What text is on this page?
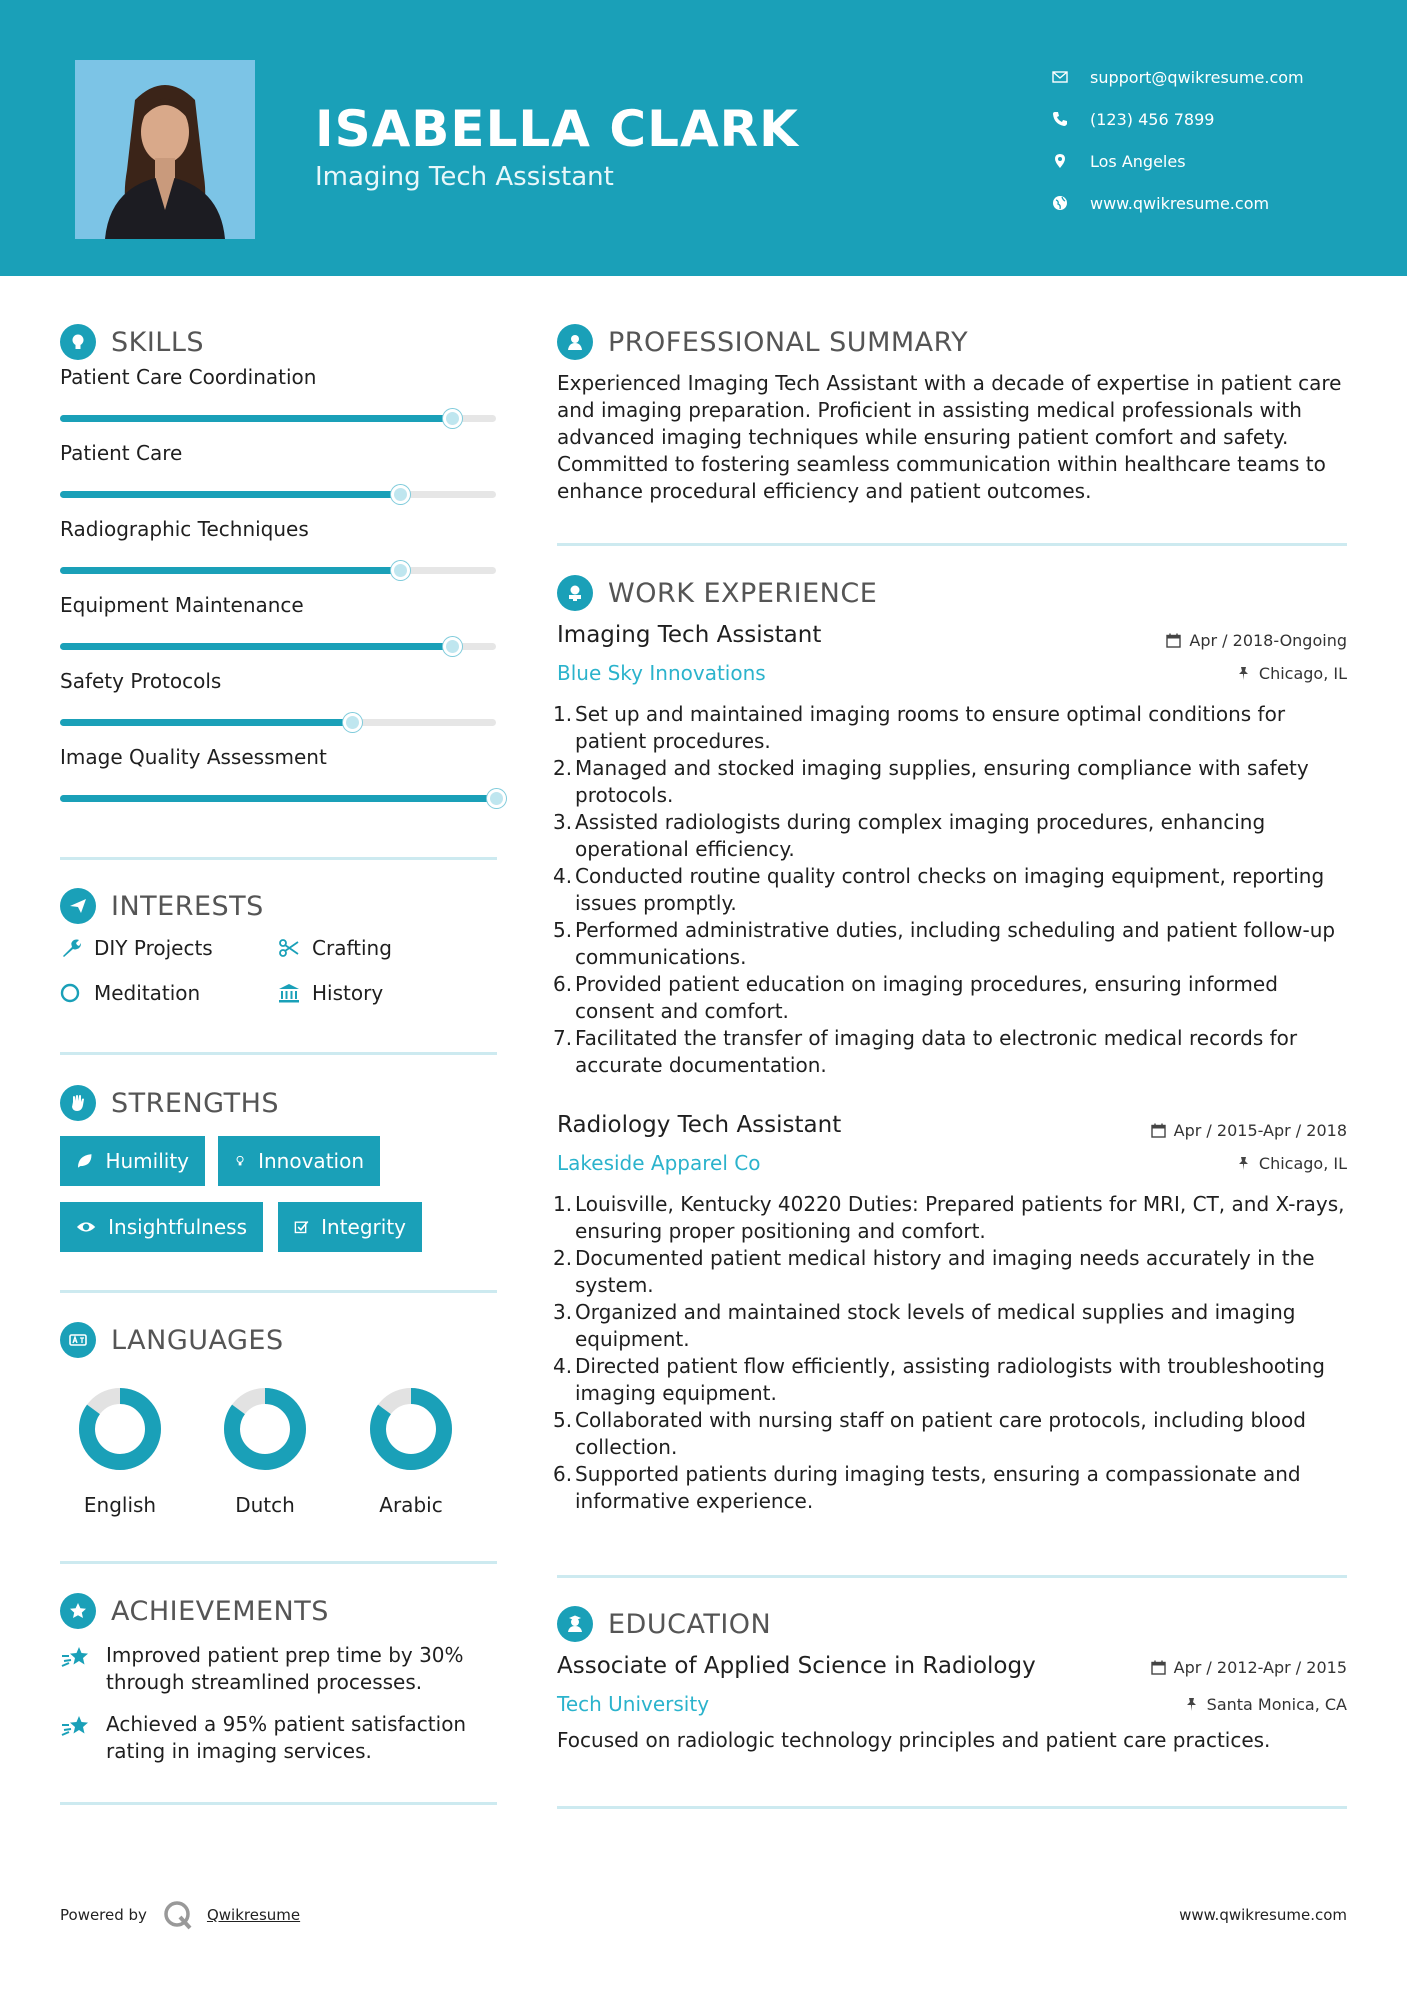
ISABELLA CLARK
Imaging Tech Assistant
support@qwikresume.com
(123) 456 7899
Los Angeles
www.qwikresume.com
SKILLS
Patient Care Coordination
Patient Care
Radiographic Techniques
Equipment Maintenance
Safety Protocols
Image Quality Assessment
INTERESTS
DIY Projects	Crafting
Meditation	History
STRENGTHS
Humility	Innovation
Insightfulness	Integrity
LANGUAGES
English	Dutch	Arabic
ACHIEVEMENTS
Improved patient prep time by 30% through streamlined processes.
Achieved a 95% patient satisfaction rating in imaging services.
PROFESSIONAL SUMMARY
Experienced Imaging Tech Assistant with a decade of expertise in patient care and imaging preparation. Proficient in assisting medical professionals with advanced imaging techniques while ensuring patient comfort and safety. Committed to fostering seamless communication within healthcare teams to enhance procedural efficiency and patient outcomes.
WORK EXPERIENCE
Imaging Tech Assistant	Apr / 2018-Ongoing
Blue Sky Innovations	Chicago, IL
Set up and maintained imaging rooms to ensure optimal conditions for patient procedures.
Managed and stocked imaging supplies, ensuring compliance with safety protocols.
Assisted radiologists during complex imaging procedures, enhancing operational efficiency.
Conducted routine quality control checks on imaging equipment, reporting issues promptly.
Performed administrative duties, including scheduling and patient follow-up communications.
Provided patient education on imaging procedures, ensuring informed consent and comfort.
Facilitated the transfer of imaging data to electronic medical records for accurate documentation.
Radiology Tech Assistant	Apr / 2015-Apr / 2018
Lakeside Apparel Co	Chicago, IL
Louisville, Kentucky 40220 Duties: Prepared patients for MRI, CT, and X-rays, ensuring proper positioning and comfort.
Documented patient medical history and imaging needs accurately in the system.
Organized and maintained stock levels of medical supplies and imaging equipment.
Directed patient flow efficiently, assisting radiologists with troubleshooting imaging equipment.
Collaborated with nursing staff on patient care protocols, including blood collection.
Supported patients during imaging tests, ensuring a compassionate and informative experience.
EDUCATION
Associate of Applied Science in Radiology	Apr / 2012-Apr / 2015
Tech University	Santa Monica, CA
Focused on radiologic technology principles and patient care practices.
Powered by	Qwikresume	www.qwikresume.com
